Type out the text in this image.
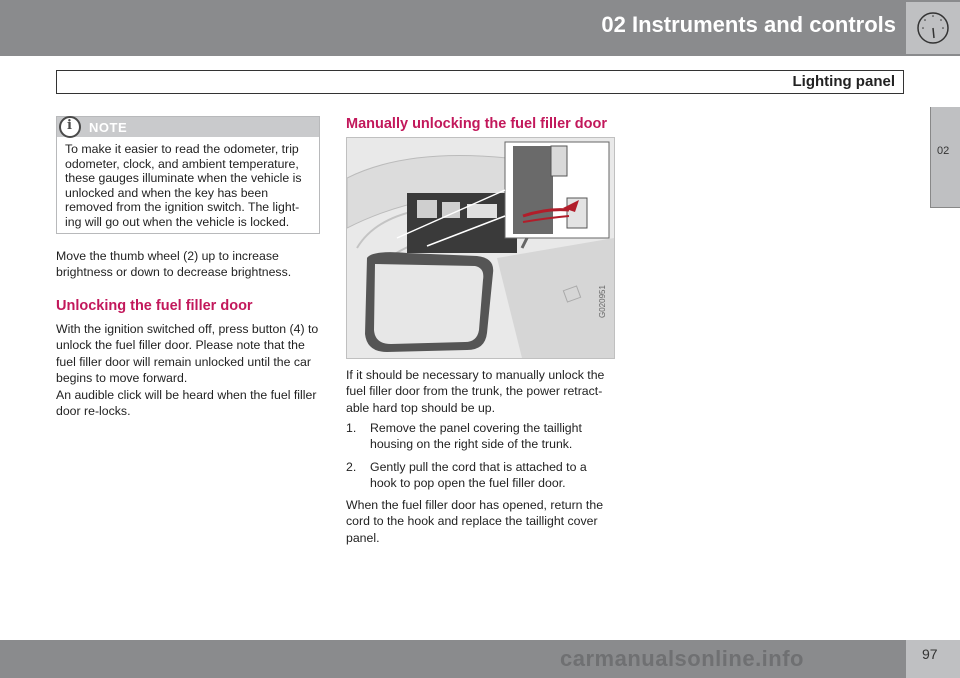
02 Instruments and controls
Lighting panel
02
i NOTE
To make it easier to read the odometer, trip odometer, clock, and ambient temperature, these gauges illuminate when the vehicle is unlocked and when the key has been removed from the ignition switch. The light-ing will go out when the vehicle is locked.
Move the thumb wheel (2) up to increase brightness or down to decrease brightness.
Unlocking the fuel filler door
With the ignition switched off, press button (4) to unlock the fuel filler door. Please note that the fuel filler door will remain unlocked until the car begins to move forward.
An audible click will be heard when the fuel filler door re-locks.
Manually unlocking the fuel filler door
G020951
If it should be necessary to manually unlock the fuel filler door from the trunk, the power retract-able hard top should be up.
1. Remove the panel covering the taillight housing on the right side of the trunk.
2. Gently pull the cord that is attached to a hook to pop open the fuel filler door.
When the fuel filler door has opened, return the cord to the hook and replace the taillight cover panel.
carmanualsonline.info	97
